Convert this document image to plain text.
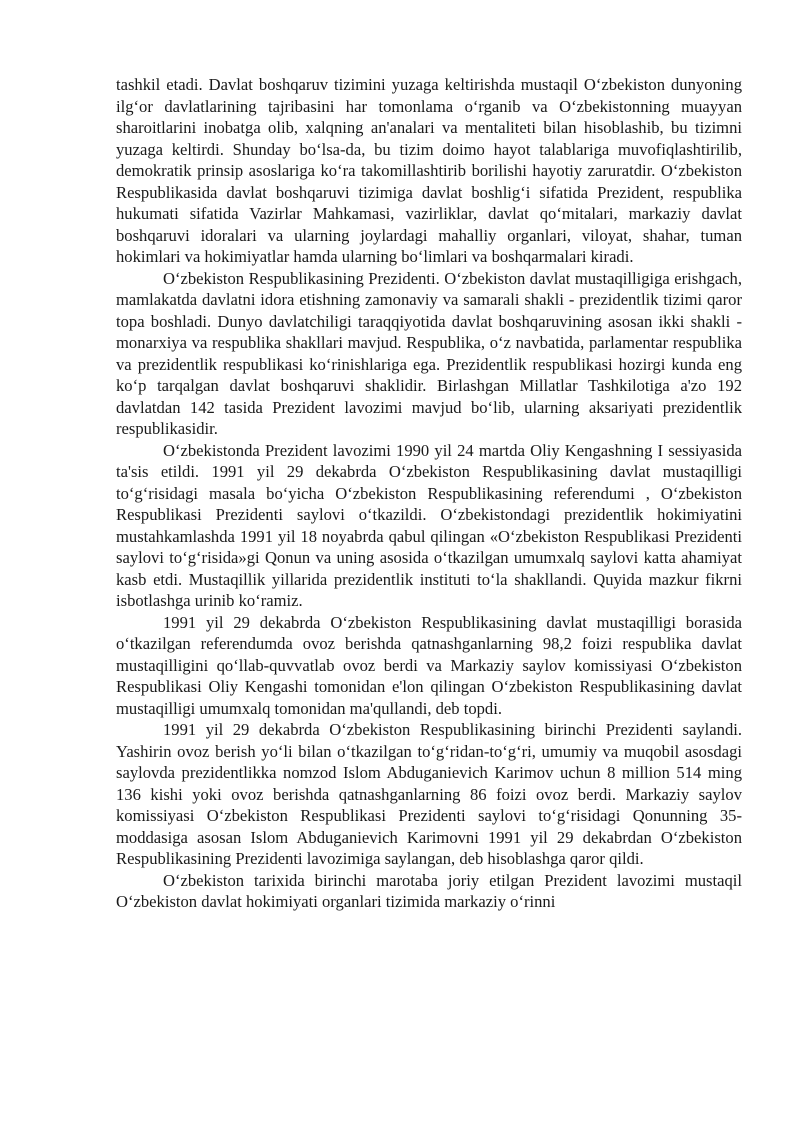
tashkil etadi. Davlat boshqaruv tizimini yuzaga keltirishda mustaqil O‘zbekiston dunyoning ilg‘or davlatlarining tajribasini har tomonlama o‘rganib va O‘zbekistonning muayyan sharoitlarini inobatga olib, xalqning an'analari va mentaliteti bilan hisoblashib, bu tizimni yuzaga keltirdi. Shunday bo‘lsa-da, bu tizim doimo hayot talablariga muvofiqlashtirilib, demokratik prinsip asoslariga ko‘ra takomillashtirib borilishi hayotiy zaruratdir. O‘zbekiston Respublikasida davlat boshqaruvi tizimiga davlat boshlig‘i sifatida Prezident, respublika hukumati sifatida Vazirlar Mahkamasi, vazirliklar, davlat qo‘mitalari, markaziy davlat boshqaruvi idoralari va ularning joylardagi mahalliy organlari, viloyat, shahar, tuman hokimlari va hokimiyatlar hamda ularning bo‘limlari va boshqarmalari kiradi.

O‘zbekiston Respublikasining Prezidenti. O‘zbekiston davlat mustaqilligiga erishgach, mamlakatda davlatni idora etishning zamonaviy va samarali shakli - prezidentlik tizimi qaror topa boshladi. Dunyo davlatchiligi taraqqiyotida davlat boshqaruvining asosan ikki shakli - monarxiya va respublika shakllari mavjud. Respublika, o‘z navbatida, parlamentar respublika va prezidentlik respublikasi ko‘rinishlariga ega. Prezidentlik respublikasi hozirgi kunda eng ko‘p tarqalgan davlat boshqaruvi shaklidir. Birlashgan Millatlar Tashkilotiga a'zo 192 davlatdan 142 tasida Prezident lavozimi mavjud bo‘lib, ularning aksariyati prezidentlik respublikasidir.

O‘zbekistonda Prezident lavozimi 1990 yil 24 martda Oliy Kengashning I sessiyasida ta'sis etildi. 1991 yil 29 dekabrda O‘zbekiston Respublikasining davlat mustaqilligi to‘g‘risidagi masala bo‘yicha O‘zbekiston Respublikasining referendumi , O‘zbekiston Respublikasi Prezidenti saylovi o‘tkazildi. O‘zbekistondagi prezidentlik hokimiyatini mustahkamlashda 1991 yil 18 noyabrda qabul qilingan «O‘zbekiston Respublikasi Prezidenti saylovi to‘g‘risida»gi Qonun va uning asosida o‘tkazilgan umumxalq saylovi katta ahamiyat kasb etdi. Mustaqillik yillarida prezidentlik instituti to‘la shakllandi. Quyida mazkur fikrni isbotlashga urinib ko‘ramiz.

1991 yil 29 dekabrda O‘zbekiston Respublikasining davlat mustaqilligi borasida o‘tkazilgan referendumda ovoz berishda qatnashganlarning 98,2 foizi respublika davlat mustaqilligini qo‘llab-quvvatlab ovoz berdi va Markaziy saylov komissiyasi O‘zbekiston Respublikasi Oliy Kengashi tomonidan e'lon qilingan O‘zbekiston Respublikasining davlat mustaqilligi umumxalq tomonidan ma'qullandi, deb topdi.

1991 yil 29 dekabrda O‘zbekiston Respublikasining birinchi Prezidenti saylandi. Yashirin ovoz berish yo‘li bilan o‘tkazilgan to‘g‘ridan-to‘g‘ri, umumiy va muqobil asosdagi saylovda prezidentlikka nomzod Islom Abduganievich Karimov uchun 8 million 514 ming 136 kishi yoki ovoz berishda qatnashganlarning 86 foizi ovoz berdi. Markaziy saylov komissiyasi O‘zbekiston Respublikasi Prezidenti saylovi to‘g‘risidagi Qonunning 35- moddasiga asosan Islom Abduganievich Karimovni 1991 yil 29 dekabrdan O‘zbekiston Respublikasining Prezidenti lavozimiga saylangan, deb hisoblashga qaror qildi.

O‘zbekiston tarixida birinchi marotaba joriy etilgan Prezident lavozimi mustaqil O‘zbekiston davlat hokimiyati organlari tizimida markaziy o‘rinni
